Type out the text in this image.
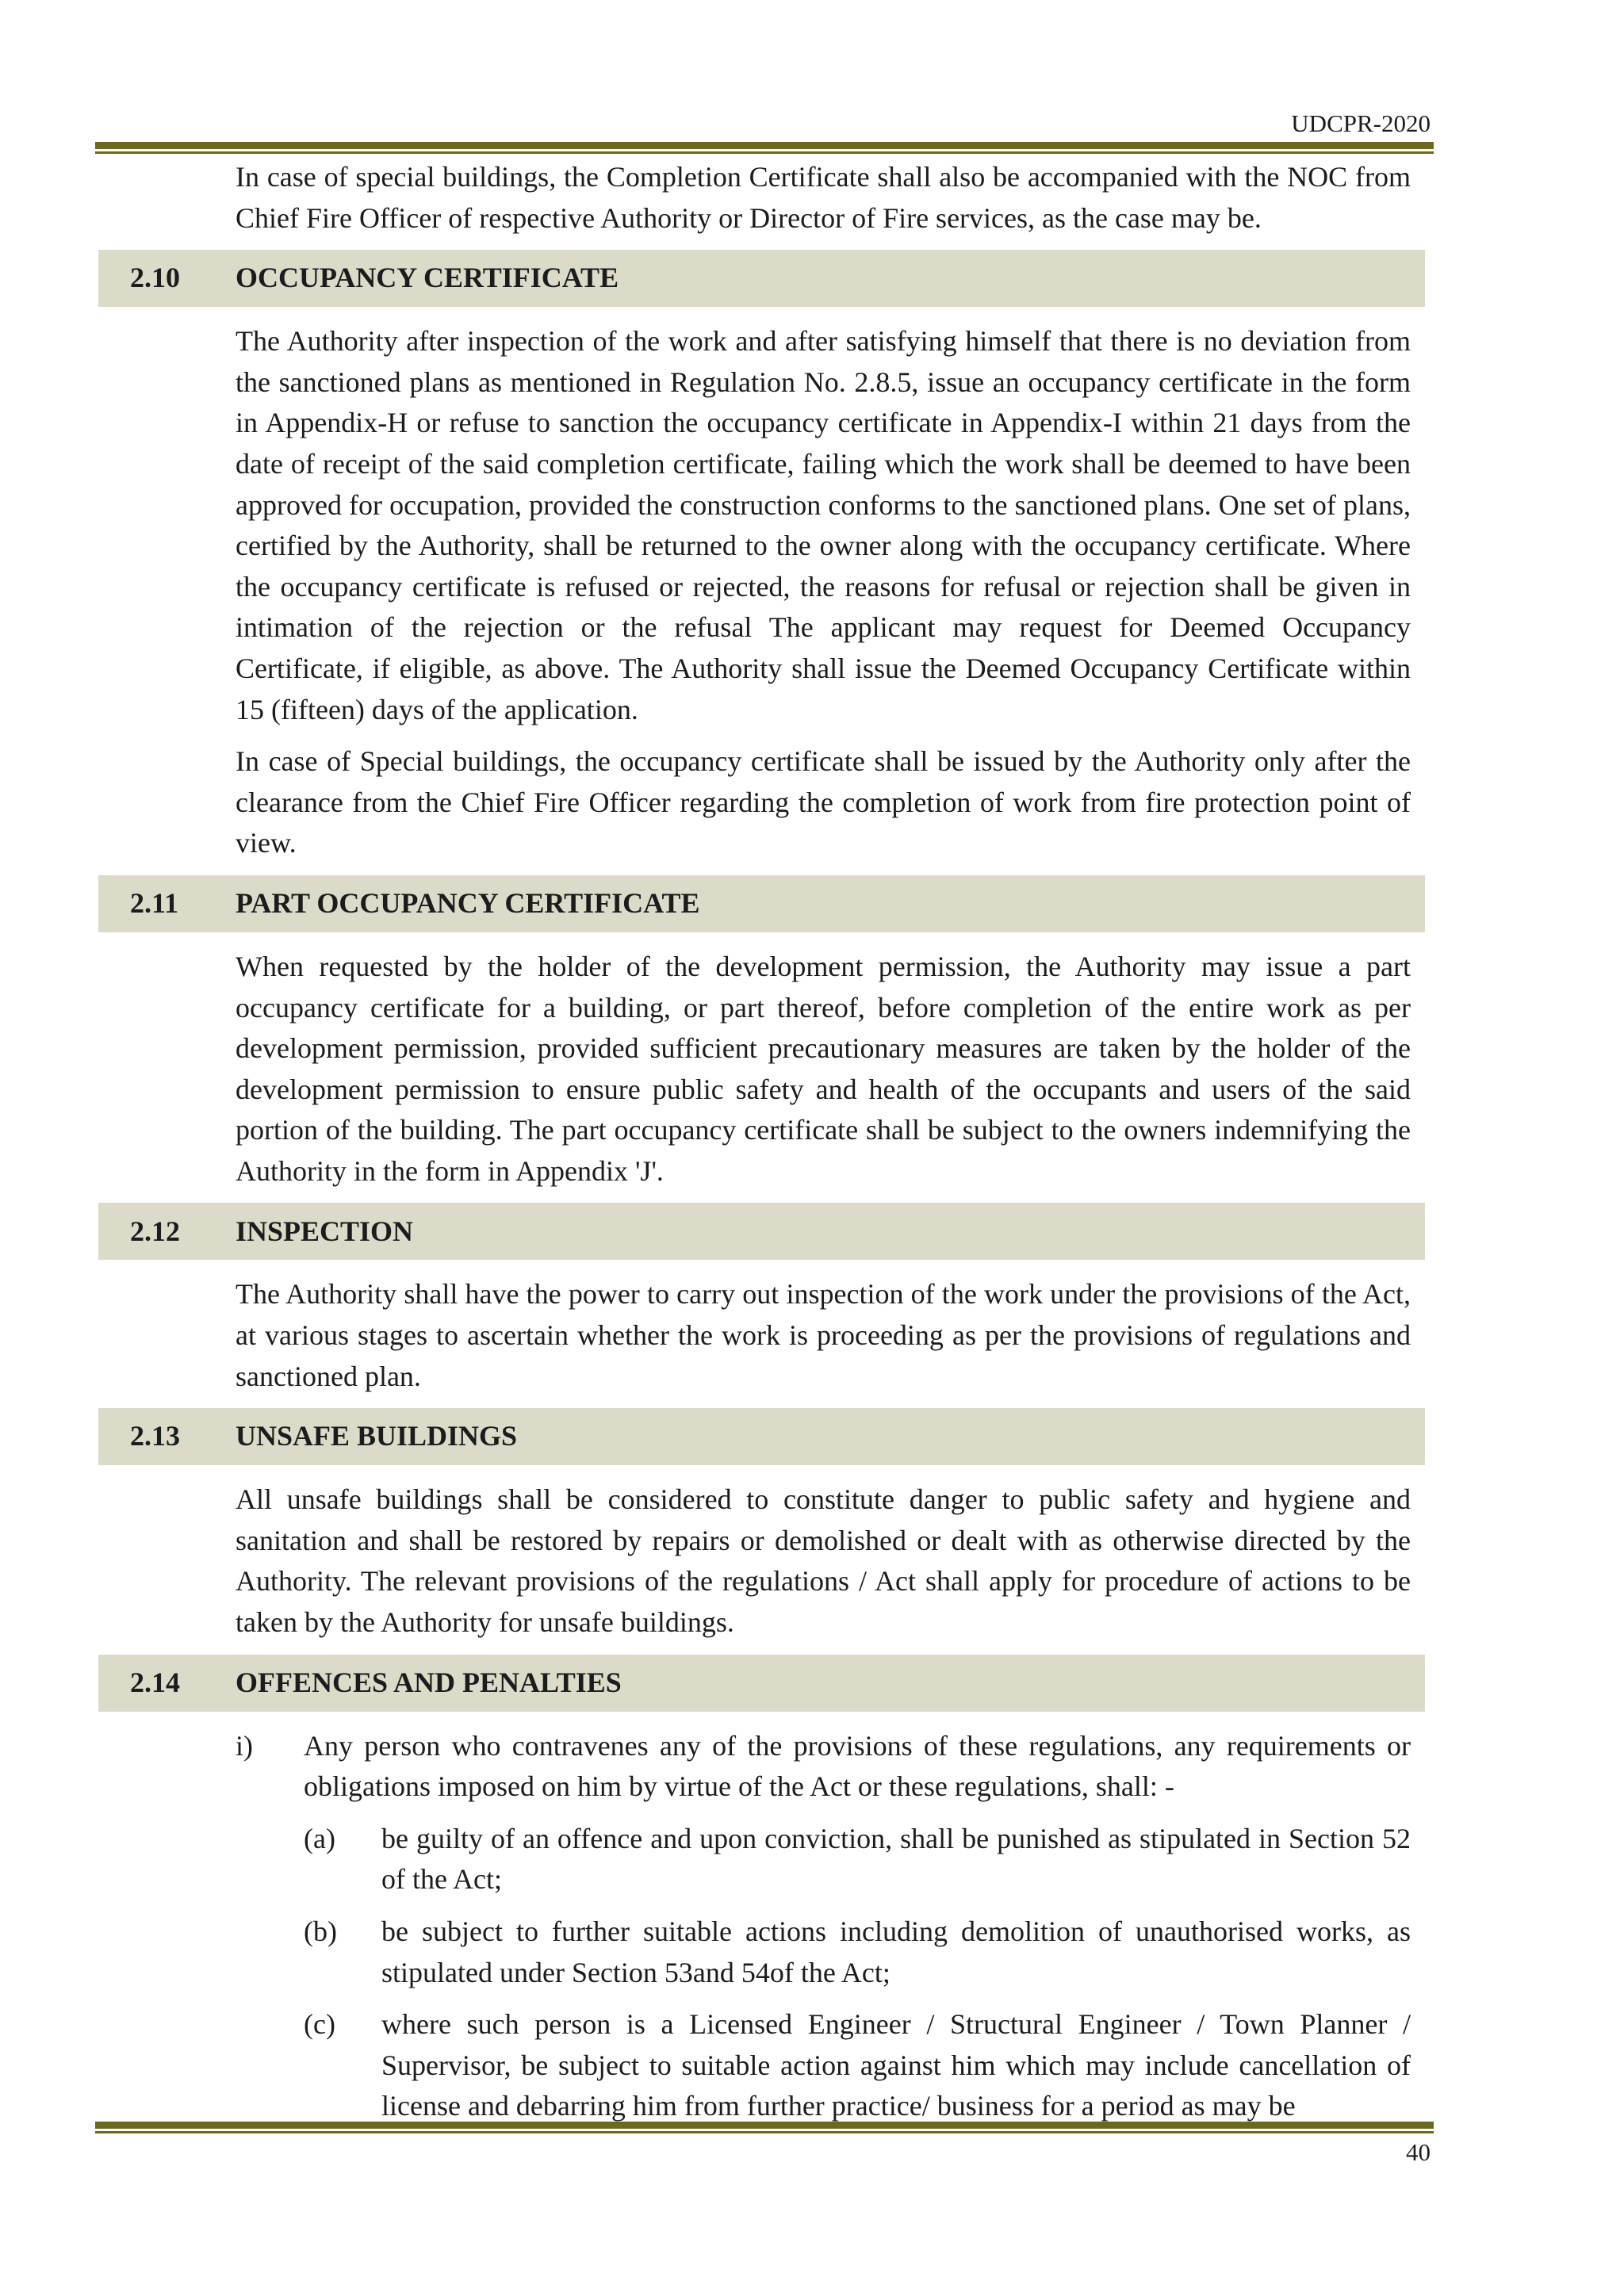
UDCPR-2020

In case of special buildings, the Completion Certificate shall also be accompanied with the NOC from Chief Fire Officer of respective Authority or Director of Fire services, as the case may be.

2.10	OCCUPANCY CERTIFICATE

The Authority after inspection of the work and after satisfying himself that there is no deviation from the sanctioned plans as mentioned in Regulation No. 2.8.5, issue an occupancy certificate in the form in Appendix-H or refuse to sanction the occupancy certificate in Appendix-I within 21 days from the date of receipt of the said completion certificate, failing which the work shall be deemed to have been approved for occupation, provided the construction conforms to the sanctioned plans. One set of plans, certified by the Authority, shall be returned to the owner along with the occupancy certificate. Where the occupancy certificate is refused or rejected, the reasons for refusal or rejection shall be given in intimation of the rejection or the refusal The applicant may request for Deemed Occupancy Certificate, if eligible, as above. The Authority shall issue the Deemed Occupancy Certificate within 15 (fifteen) days of the application.

In case of Special buildings, the occupancy certificate shall be issued by the Authority only after the clearance from the Chief Fire Officer regarding the completion of work from fire protection point of view.

2.11	PART OCCUPANCY CERTIFICATE

When requested by the holder of the development permission, the Authority may issue a part occupancy certificate for a building, or part thereof, before completion of the entire work as per development permission, provided sufficient precautionary measures are taken by the holder of the development permission to ensure public safety and health of the occupants and users of the said portion of the building. The part occupancy certificate shall be subject to the owners indemnifying the Authority in the form in Appendix 'J'.

2.12	INSPECTION

The Authority shall have the power to carry out inspection of the work under the provisions of the Act, at various stages to ascertain whether the work is proceeding as per the provisions of regulations and sanctioned plan.

2.13	UNSAFE BUILDINGS

All unsafe buildings shall be considered to constitute danger to public safety and hygiene and sanitation and shall be restored by repairs or demolished or dealt with as otherwise directed by the Authority. The relevant provisions of the regulations / Act shall apply for procedure of actions to be taken by the Authority for unsafe buildings.

2.14	OFFENCES AND PENALTIES
i)	Any person who contravenes any of the provisions of these regulations, any requirements or obligations imposed on him by virtue of the Act or these regulations, shall: -
(a)	be guilty of an offence and upon conviction, shall be punished as stipulated in Section 52 of the Act;
(b)	be subject to further suitable actions including demolition of unauthorised works, as stipulated under Section 53and 54of the Act;
(c)	where such person is a Licensed Engineer / Structural Engineer / Town Planner / Supervisor, be subject to suitable action against him which may include cancellation of license and debarring him from further practice/ business for a period as may be
40
